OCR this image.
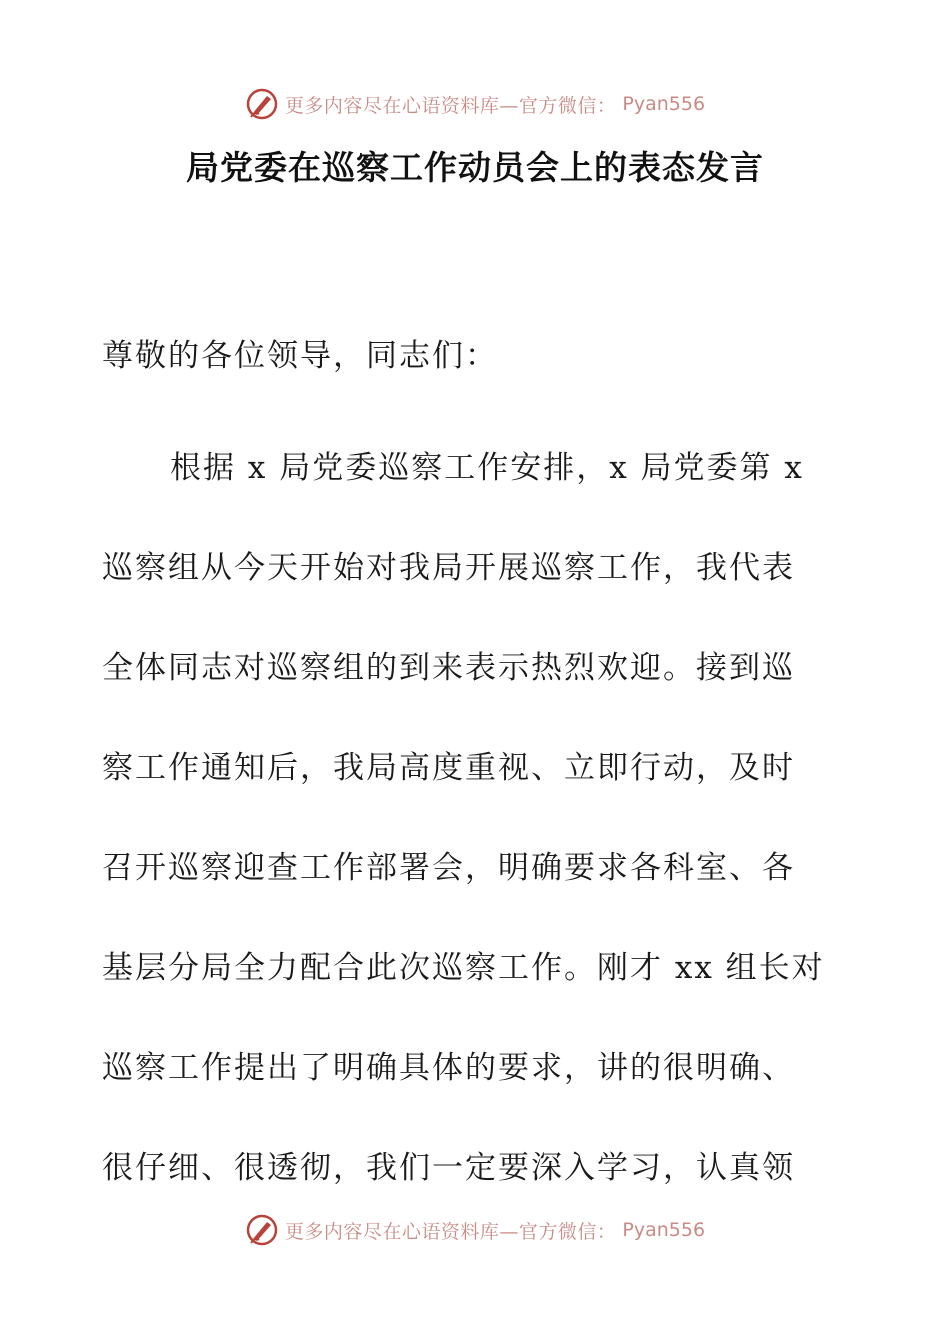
更多内容尽在心语资料库—官方微信： Pyan556
局党委在巡察工作动员会上的表态发言

尊敬的各位领导，同志们：

根据 x 局党委巡察工作安排，x 局党委第 x
巡察组从今天开始对我局开展巡察工作，我代表
全体同志对巡察组的到来表示热烈欢迎。接到巡
察工作通知后，我局高度重视、立即行动，及时
召开巡察迎查工作部署会，明确要求各科室、各
基层分局全力配合此次巡察工作。刚才 xx 组长对
巡察工作提出了明确具体的要求，讲的很明确、
很仔细、很透彻，我们一定要深入学习，认真领
更多内容尽在心语资料库—官方微信： Pyan556
